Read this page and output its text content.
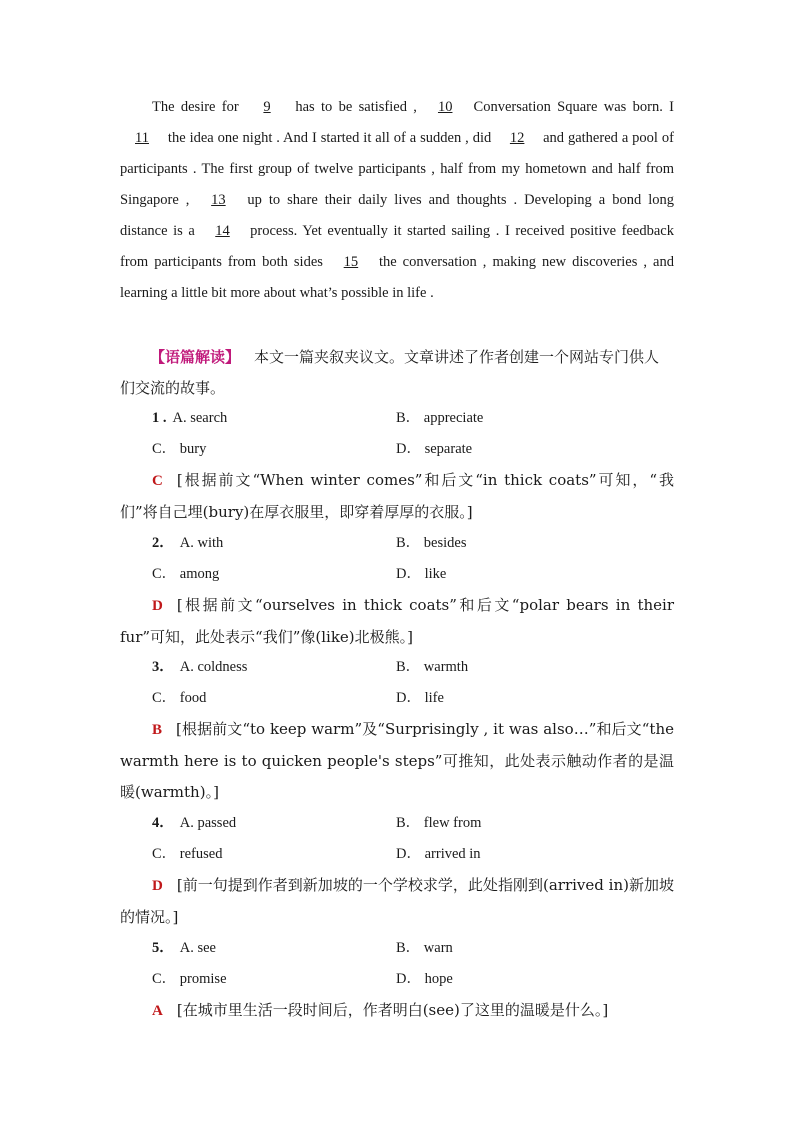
The desire for 9 has to be satisfied , 10 Conversation Square was born. I 11 the idea one night . And I started it all of a sudden , did 12 and gathered a pool of participants . The first group of twelve participants , half from my hometown and half from Singapore , 13 up to share their daily lives and thoughts . Developing a bond long distance is a 14 process. Yet eventually it started sailing . I received positive feedback from participants from both sides 15 the conversation , making new discoveries , and learning a little bit more about what’s possible in life .
【语篇解读】 本文一篇夹叙夹议文。文章讲述了作者创建一个网站专门供人们交流的故事。
1 . A. search	B． appreciate
C． bury	D． separate
C [根据前文“When winter comes”和后文“in thick coats”可知，“我们”将自己埋(bury)在厚衣服里，即穿着厚厚的衣服。]
2． A. with	B． besides
C． among	D． like
D [根据前文“ourselves in thick coats”和后文“polar bears in their fur”可知，此处表示“我们”像(like)北极熊。]
3． A. coldness	B． warmth
C． food	D． life
B [根据前文“to keep warm”及“Surprisingly , it was also…”和后文“the warmth here is to quicken people's steps”可推知，此处表示触动作者的是温暖(warmth)。]
4． A. passed	B． flew from
C． refused	D． arrived in
D [前一句提到作者到新加坡的一个学校求学，此处指刚到(arrived in)新加坡的情况。]
5． A. see	B． warn
C． promise	D． hope
A [在城市里生活一段时间后，作者明白(see)了这里的温暖是什么。]
